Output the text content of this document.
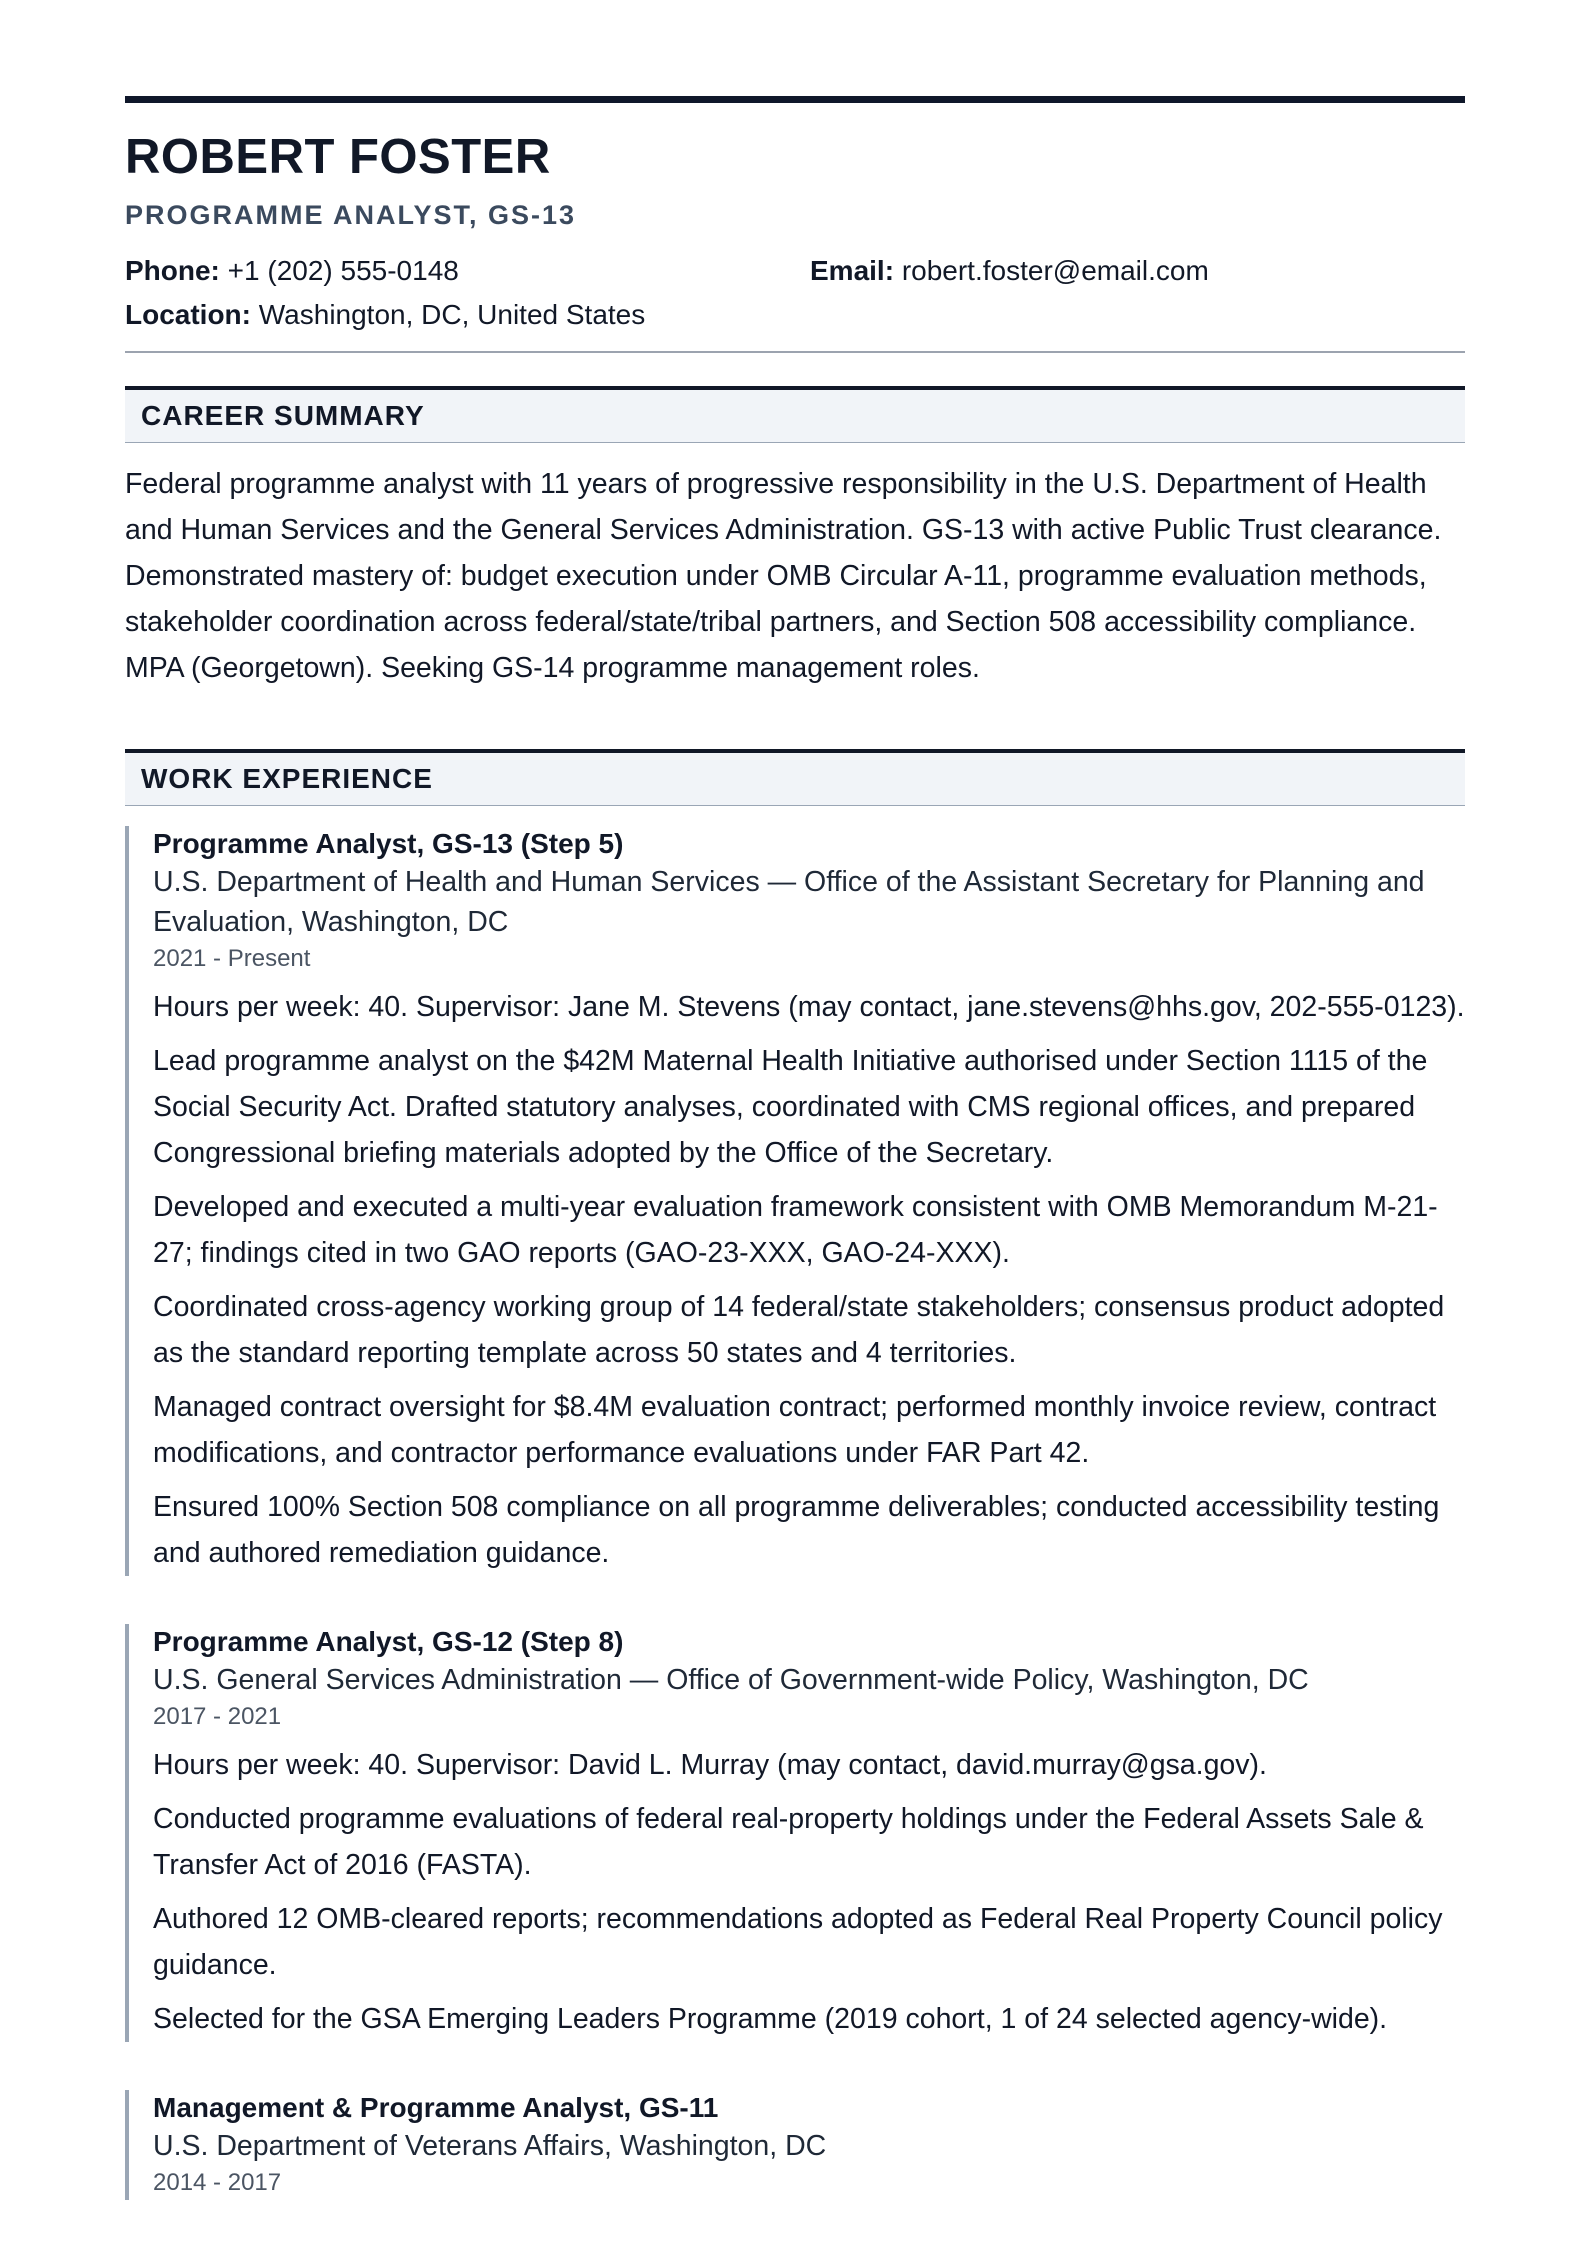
ROBERT FOSTER
PROGRAMME ANALYST, GS-13
Phone: +1 (202) 555-0148	Email: robert.foster@email.com
Location: Washington, DC, United States
CAREER SUMMARY
Federal programme analyst with 11 years of progressive responsibility in the U.S. Department of Health and Human Services and the General Services Administration. GS-13 with active Public Trust clearance. Demonstrated mastery of: budget execution under OMB Circular A-11, programme evaluation methods, stakeholder coordination across federal/state/tribal partners, and Section 508 accessibility compliance. MPA (Georgetown). Seeking GS-14 programme management roles.
WORK EXPERIENCE
Programme Analyst, GS-13 (Step 5)
U.S. Department of Health and Human Services — Office of the Assistant Secretary for Planning and Evaluation, Washington, DC
2021 - Present
Hours per week: 40. Supervisor: Jane M. Stevens (may contact, jane.stevens@hhs.gov, 202-555-0123).
Lead programme analyst on the $42M Maternal Health Initiative authorised under Section 1115 of the Social Security Act. Drafted statutory analyses, coordinated with CMS regional offices, and prepared Congressional briefing materials adopted by the Office of the Secretary.
Developed and executed a multi-year evaluation framework consistent with OMB Memorandum M-21-27; findings cited in two GAO reports (GAO-23-XXX, GAO-24-XXX).
Coordinated cross-agency working group of 14 federal/state stakeholders; consensus product adopted as the standard reporting template across 50 states and 4 territories.
Managed contract oversight for $8.4M evaluation contract; performed monthly invoice review, contract modifications, and contractor performance evaluations under FAR Part 42.
Ensured 100% Section 508 compliance on all programme deliverables; conducted accessibility testing and authored remediation guidance.
Programme Analyst, GS-12 (Step 8)
U.S. General Services Administration — Office of Government-wide Policy, Washington, DC
2017 - 2021
Hours per week: 40. Supervisor: David L. Murray (may contact, david.murray@gsa.gov).
Conducted programme evaluations of federal real-property holdings under the Federal Assets Sale & Transfer Act of 2016 (FASTA).
Authored 12 OMB-cleared reports; recommendations adopted as Federal Real Property Council policy guidance.
Selected for the GSA Emerging Leaders Programme (2019 cohort, 1 of 24 selected agency-wide).
Management & Programme Analyst, GS-11
U.S. Department of Veterans Affairs, Washington, DC
2014 - 2017
